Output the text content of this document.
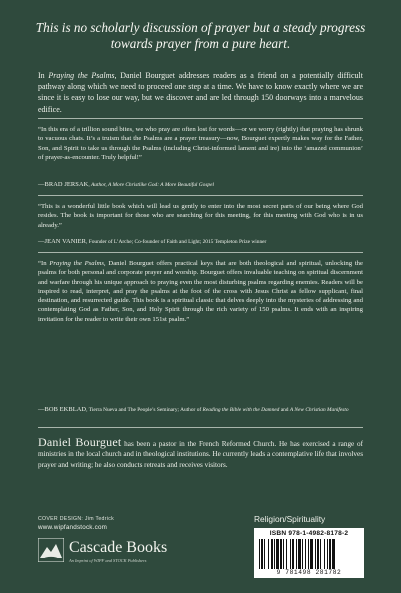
This is no scholarly discussion of prayer but a steady progress towards prayer from a pure heart.
In Praying the Psalms, Daniel Bourguet addresses readers as a friend on a potentially difficult pathway along which we need to proceed one step at a time. We have to know exactly where we are since it is easy to lose our way, but we discover and are led through 150 doorways into a marvelous edifice.
“In this era of a trillion sound bites, we who pray are often lost for words—or we worry (rightly) that praying has shrunk to vacuous chats. It’s a truism that the Psalms are a prayer treasury—now, Bourguet expertly makes way for the Father, Son, and Spirit to take us through the Psalms (including Christ-informed lament and ire) into the ‘amazed communion’ of prayer-as-encounter. Truly helpful!”
—BRAD JERSAK, Author, A More Christlike God: A More Beautiful Gospel
“This is a wonderful little book which will lead us gently to enter into the most secret parts of our being where God resides. The book is important for those who are searching for this meeting, for this meeting with God who is in us already.”
—JEAN VANIER, Founder of L’Arche; Co-founder of Faith and Light; 2015 Templeton Prize winner
“In Praying the Psalms, Daniel Bourguet offers practical keys that are both theological and spiritual, unlocking the psalms for both personal and corporate prayer and worship. Bourguet offers invaluable teaching on spiritual discernment and warfare through his unique approach to praying even the most disturbing psalms regarding enemies. Readers will be inspired to read, interpret, and pray the psalms at the foot of the cross with Jesus Christ as fellow supplicant, final destination, and resurrected guide. This book is a spiritual classic that delves deeply into the mysteries of addressing and contemplating God as Father, Son, and Holy Spirit through the rich variety of 150 psalms. It ends with an inspiring invitation for the reader to write their own 151st psalm.”
—BOB EKBLAD, Tierra Nueva and The People’s Seminary; Author of Reading the Bible with the Damned and A New Christian Manifesto
Daniel Bourguet has been a pastor in the French Reformed Church. He has exercised a range of ministries in the local church and in theological institutions. He currently leads a contemplative life that involves prayer and writing; he also conducts retreats and receives visitors.
COVER DESIGN: Jim Tedrick
www.wipfandstock.com
Cascade Books
An Imprint of WIPF and STOCK Publishers
Religion/Spirituality
ISBN 978-1-4982-8178-2
9 781498 281782
